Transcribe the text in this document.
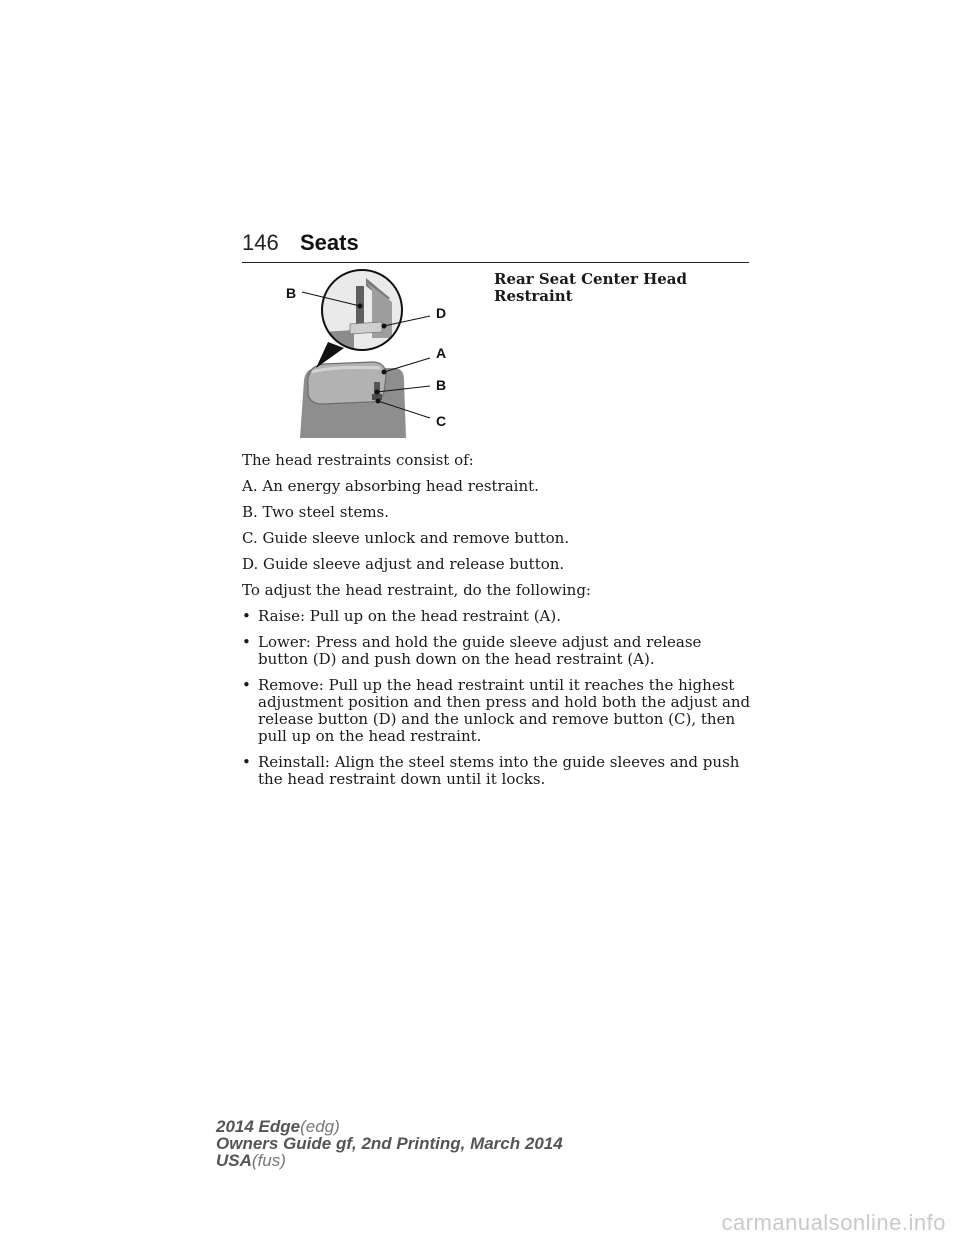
146 Seats
B
D
A
B
C
Rear Seat Center Head
Restraint

The head restraints consist of:

A. An energy absorbing head restraint.

B. Two steel stems.

C. Guide sleeve unlock and remove button.

D. Guide sleeve adjust and release button.

To adjust the head restraint, do the following:

• Raise: Pull up on the head restraint (A).
• Lower: Press and hold the guide sleeve adjust and release button (D) and push down on the head restraint (A).
• Remove: Pull up the head restraint until it reaches the highest adjustment position and then press and hold both the adjust and release button (D) and the unlock and remove button (C), then pull up on the head restraint.
• Reinstall: Align the steel stems into the guide sleeves and push the head restraint down until it locks.
2014 Edge(edg)
Owners Guide gf, 2nd Printing, March 2014
USA(fus)
carmanualsonline.info
